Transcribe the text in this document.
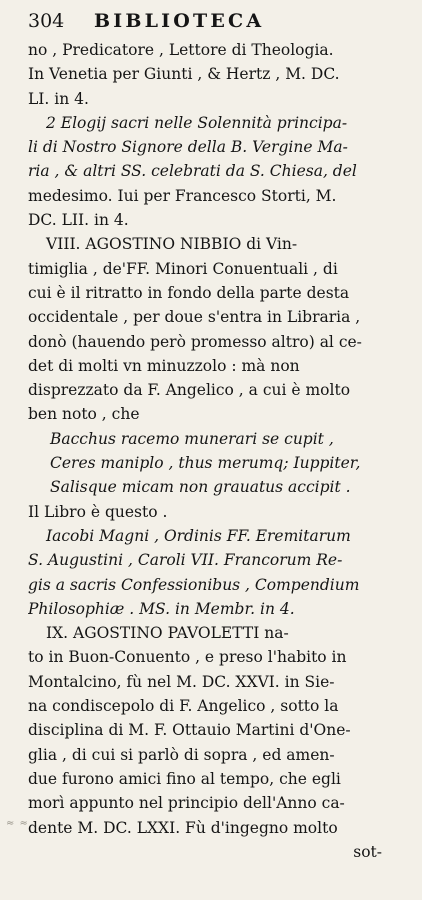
304 BIBLIOTECA
no , Predicatore , Lettore di Theologia.
In Venetia per Giunti , & Hertz , M. DC.
LI. in 4.
2 Elogij sacri nelle Solennità principa-
li di Nostro Signore della B. Vergine Ma-
ria , & altri SS. celebrati da S. Chiesa, del
medesimo. Iui per Francesco Storti, M.
DC. LII. in 4.
VIII. AGOSTINO NIBBIO di Vin-
timiglia , de'FF. Minori Conuentuali , di
cui è il ritratto in fondo della parte desta
occidentale , per doue s'entra in Libraria ,
donò (hauendo però promesso altro) al ce-
det di molti vn minuzzolo : mà non
disprezzato da F. Angelico , a cui è molto
ben noto , che
Bacchus racemo munerari se cupit ,
Ceres maniplo , thus merumq; Iuppiter,
Salisque micam non grauatus accipit .
Il Libro è questo .
Iacobi Magni , Ordinis FF. Eremitarum
S. Augustini , Caroli VII. Francorum Re-
gis a sacris Confessionibus , Compendium
Philosophiæ . MS. in Membr. in 4.
IX. AGOSTINO PAVOLETTI na-
to in Buon-Conuento , e preso l'habito in
Montalcino, fù nel M. DC. XXVI. in Sie-
na condiscepolo di F. Angelico , sotto la
disciplina di M. F. Ottauio Martini d'One-
glia , di cui si parlò di sopra , ed amen-
due furono amici fino al tempo, che egli
morì appunto nel principio dell'Anno ca-
dente M. DC. LXXI. Fù d'ingegno molto
sot-
≈ ≈
